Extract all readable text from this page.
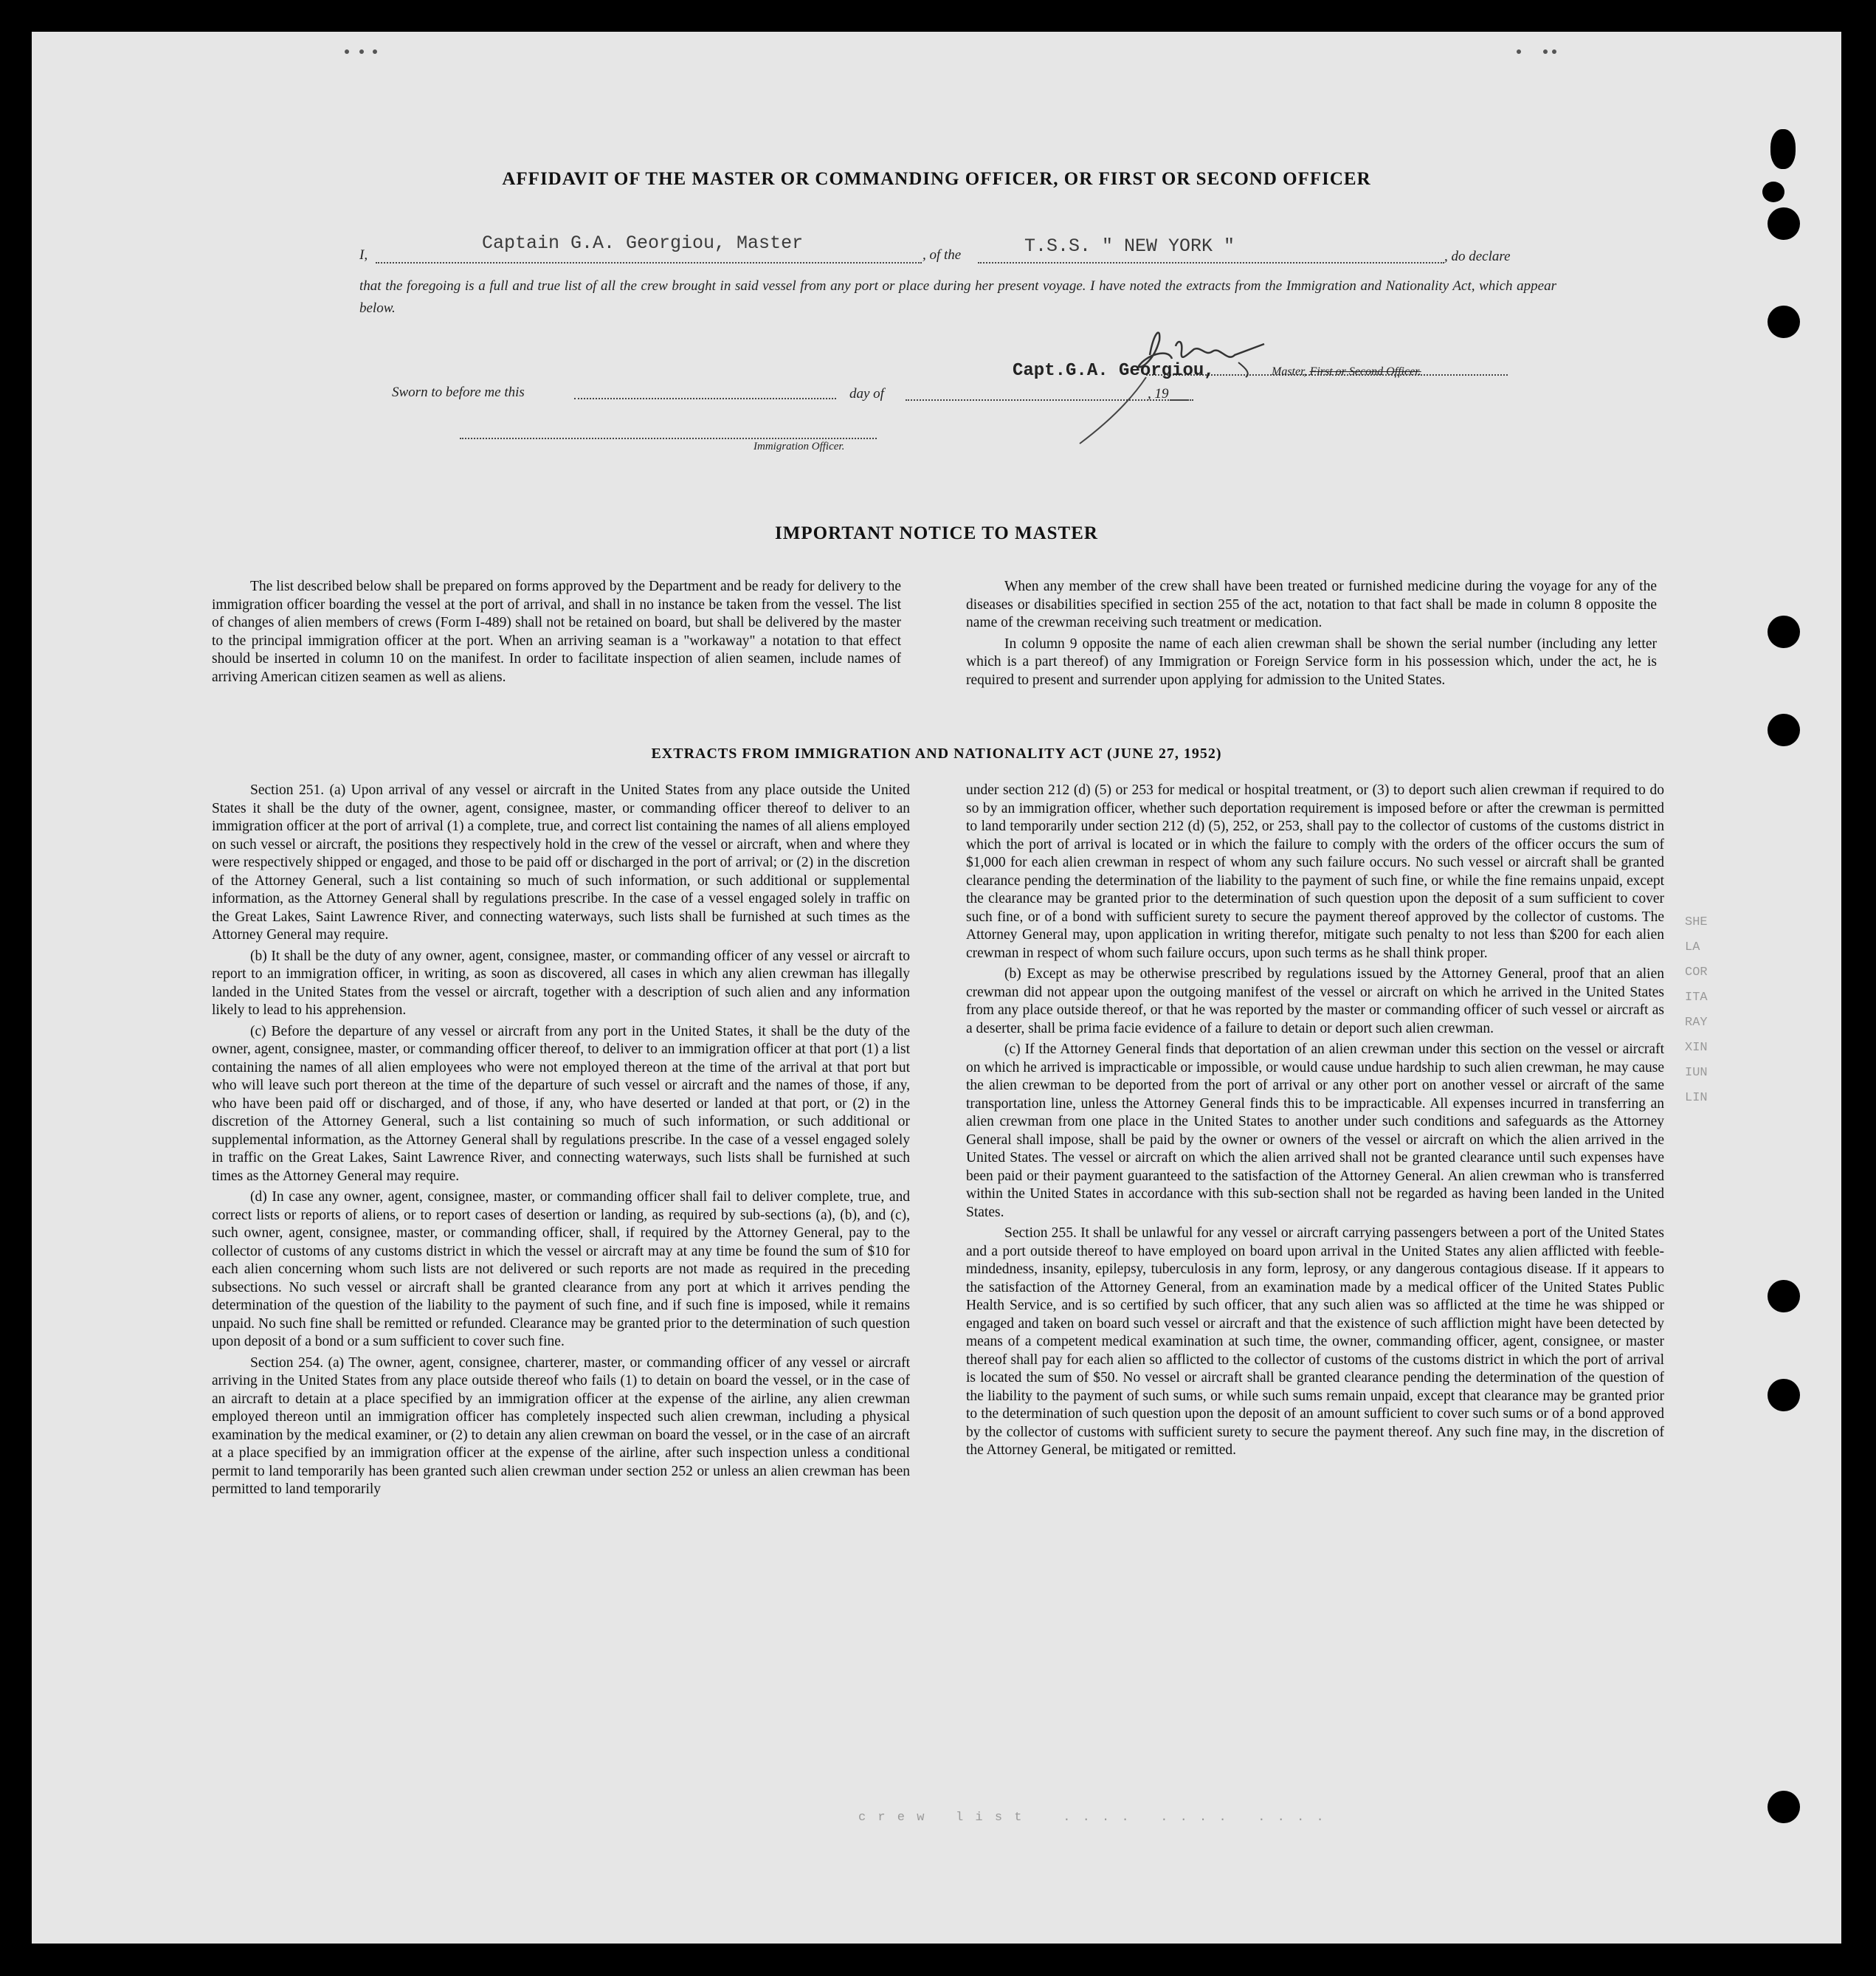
SHE
LA
COR
ITA
RAY
XIN
IUN
LIN
c r e w   l i s t    . . . .   . . . .   . . . .
AFFIDAVIT OF THE MASTER OR COMMANDING OFFICER, OR FIRST OR SECOND OFFICER
I,
Captain G.A. Georgiou, Master
, of the	T.S.S. " NEW YORK "	, do declare
that the foregoing is a full and true list of all the crew brought in said vessel from any port or place during her present voyage. I have noted the extracts from the Immigration and Nationality Act, which appear below.
Sworn to before me this	day of	, 19
Capt.G.A. Georgiou,	Master, First or Second Officer.
Immigration Officer.
IMPORTANT NOTICE TO MASTER

The list described below shall be prepared on forms approved by the Department and be ready for delivery to the immigration officer boarding the vessel at the port of arrival, and shall in no instance be taken from the vessel. The list of changes of alien members of crews (Form I-489) shall not be retained on board, but shall be delivered by the master to the principal immigration officer at the port. When an arriving seaman is a "workaway" a notation to that effect should be inserted in column 10 on the manifest. In order to facilitate inspection of alien seamen, include names of arriving American citizen seamen as well as aliens.

When any member of the crew shall have been treated or furnished medicine during the voyage for any of the diseases or disabilities specified in section 255 of the act, notation to that fact shall be made in column 8 opposite the name of the crewman receiving such treatment or medication.

In column 9 opposite the name of each alien crewman shall be shown the serial number (including any letter which is a part thereof) of any Immigration or Foreign Service form in his possession which, under the act, he is required to present and surrender upon applying for admission to the United States.

EXTRACTS FROM IMMIGRATION AND NATIONALITY ACT (JUNE 27, 1952)

Section 251. (a) Upon arrival of any vessel or aircraft in the United States from any place outside the United States it shall be the duty of the owner, agent, consignee, master, or commanding officer thereof to deliver to an immigration officer at the port of arrival (1) a complete, true, and correct list containing the names of all aliens employed on such vessel or aircraft, the positions they respectively hold in the crew of the vessel or aircraft, when and where they were respectively shipped or engaged, and those to be paid off or discharged in the port of arrival; or (2) in the discretion of the Attorney General, such a list containing so much of such information, or such additional or supplemental information, as the Attorney General shall by regulations prescribe. In the case of a vessel engaged solely in traffic on the Great Lakes, Saint Lawrence River, and connecting waterways, such lists shall be furnished at such times as the Attorney General may require.

(b) It shall be the duty of any owner, agent, consignee, master, or commanding officer of any vessel or aircraft to report to an immigration officer, in writing, as soon as discovered, all cases in which any alien crewman has illegally landed in the United States from the vessel or aircraft, together with a description of such alien and any information likely to lead to his apprehension.

(c) Before the departure of any vessel or aircraft from any port in the United States, it shall be the duty of the owner, agent, consignee, master, or commanding officer thereof, to deliver to an immigration officer at that port (1) a list containing the names of all alien employees who were not employed thereon at the time of the arrival at that port but who will leave such port thereon at the time of the departure of such vessel or aircraft and the names of those, if any, who have been paid off or discharged, and of those, if any, who have deserted or landed at that port, or (2) in the discretion of the Attorney General, such a list containing so much of such information, or such additional or supplemental information, as the Attorney General shall by regulations prescribe. In the case of a vessel engaged solely in traffic on the Great Lakes, Saint Lawrence River, and connecting waterways, such lists shall be furnished at such times as the Attorney General may require.

(d) In case any owner, agent, consignee, master, or commanding officer shall fail to deliver complete, true, and correct lists or reports of aliens, or to report cases of desertion or landing, as required by sub-sections (a), (b), and (c), such owner, agent, consignee, master, or commanding officer, shall, if required by the Attorney General, pay to the collector of customs of any customs district in which the vessel or aircraft may at any time be found the sum of $10 for each alien concerning whom such lists are not delivered or such reports are not made as required in the preceding subsections. No such vessel or aircraft shall be granted clearance from any port at which it arrives pending the determination of the question of the liability to the payment of such fine, and if such fine is imposed, while it remains unpaid. No such fine shall be remitted or refunded. Clearance may be granted prior to the determination of such question upon deposit of a bond or a sum sufficient to cover such fine.

Section 254. (a) The owner, agent, consignee, charterer, master, or commanding officer of any vessel or aircraft arriving in the United States from any place outside thereof who fails (1) to detain on board the vessel, or in the case of an aircraft to detain at a place specified by an immigration officer at the expense of the airline, any alien crewman employed thereon until an immigration officer has completely inspected such alien crewman, including a physical examination by the medical examiner, or (2) to detain any alien crewman on board the vessel, or in the case of an aircraft at a place specified by an immigration officer at the expense of the airline, after such inspection unless a conditional permit to land temporarily has been granted such alien crewman under section 252 or unless an alien crewman has been permitted to land temporarily

under section 212 (d) (5) or 253 for medical or hospital treatment, or (3) to deport such alien crewman if required to do so by an immigration officer, whether such deportation requirement is imposed before or after the crewman is permitted to land temporarily under section 212 (d) (5), 252, or 253, shall pay to the collector of customs of the customs district in which the port of arrival is located or in which the failure to comply with the orders of the officer occurs the sum of $1,000 for each alien crewman in respect of whom any such failure occurs. No such vessel or aircraft shall be granted clearance pending the determination of the liability to the payment of such fine, or while the fine remains unpaid, except the clearance may be granted prior to the determination of such question upon the deposit of a sum sufficient to cover such fine, or of a bond with sufficient surety to secure the payment thereof approved by the collector of customs. The Attorney General may, upon application in writing therefor, mitigate such penalty to not less than $200 for each alien crewman in respect of whom such failure occurs, upon such terms as he shall think proper.

(b) Except as may be otherwise prescribed by regulations issued by the Attorney General, proof that an alien crewman did not appear upon the outgoing manifest of the vessel or aircraft on which he arrived in the United States from any place outside thereof, or that he was reported by the master or commanding officer of such vessel or aircraft as a deserter, shall be prima facie evidence of a failure to detain or deport such alien crewman.

(c) If the Attorney General finds that deportation of an alien crewman under this section on the vessel or aircraft on which he arrived is impracticable or impossible, or would cause undue hardship to such alien crewman, he may cause the alien crewman to be deported from the port of arrival or any other port on another vessel or aircraft of the same transportation line, unless the Attorney General finds this to be impracticable. All expenses incurred in transferring an alien crewman from one place in the United States to another under such conditions and safeguards as the Attorney General shall impose, shall be paid by the owner or owners of the vessel or aircraft on which the alien arrived in the United States. The vessel or aircraft on which the alien arrived shall not be granted clearance until such expenses have been paid or their payment guaranteed to the satisfaction of the Attorney General. An alien crewman who is transferred within the United States in accordance with this sub-section shall not be regarded as having been landed in the United States.

Section 255. It shall be unlawful for any vessel or aircraft carrying passengers between a port of the United States and a port outside thereof to have employed on board upon arrival in the United States any alien afflicted with feeble-mindedness, insanity, epilepsy, tuberculosis in any form, leprosy, or any dangerous contagious disease. If it appears to the satisfaction of the Attorney General, from an examination made by a medical officer of the United States Public Health Service, and is so certified by such officer, that any such alien was so afflicted at the time he was shipped or engaged and taken on board such vessel or aircraft and that the existence of such affliction might have been detected by means of a competent medical examination at such time, the owner, commanding officer, agent, consignee, or master thereof shall pay for each alien so afflicted to the collector of customs of the customs district in which the port of arrival is located the sum of $50. No vessel or aircraft shall be granted clearance pending the determination of the question of the liability to the payment of such sums, or while such sums remain unpaid, except that clearance may be granted prior to the determination of such question upon the deposit of an amount sufficient to cover such sums or of a bond approved by the collector of customs with sufficient surety to secure the payment thereof. Any such fine may, in the discretion of the Attorney General, be mitigated or remitted.
